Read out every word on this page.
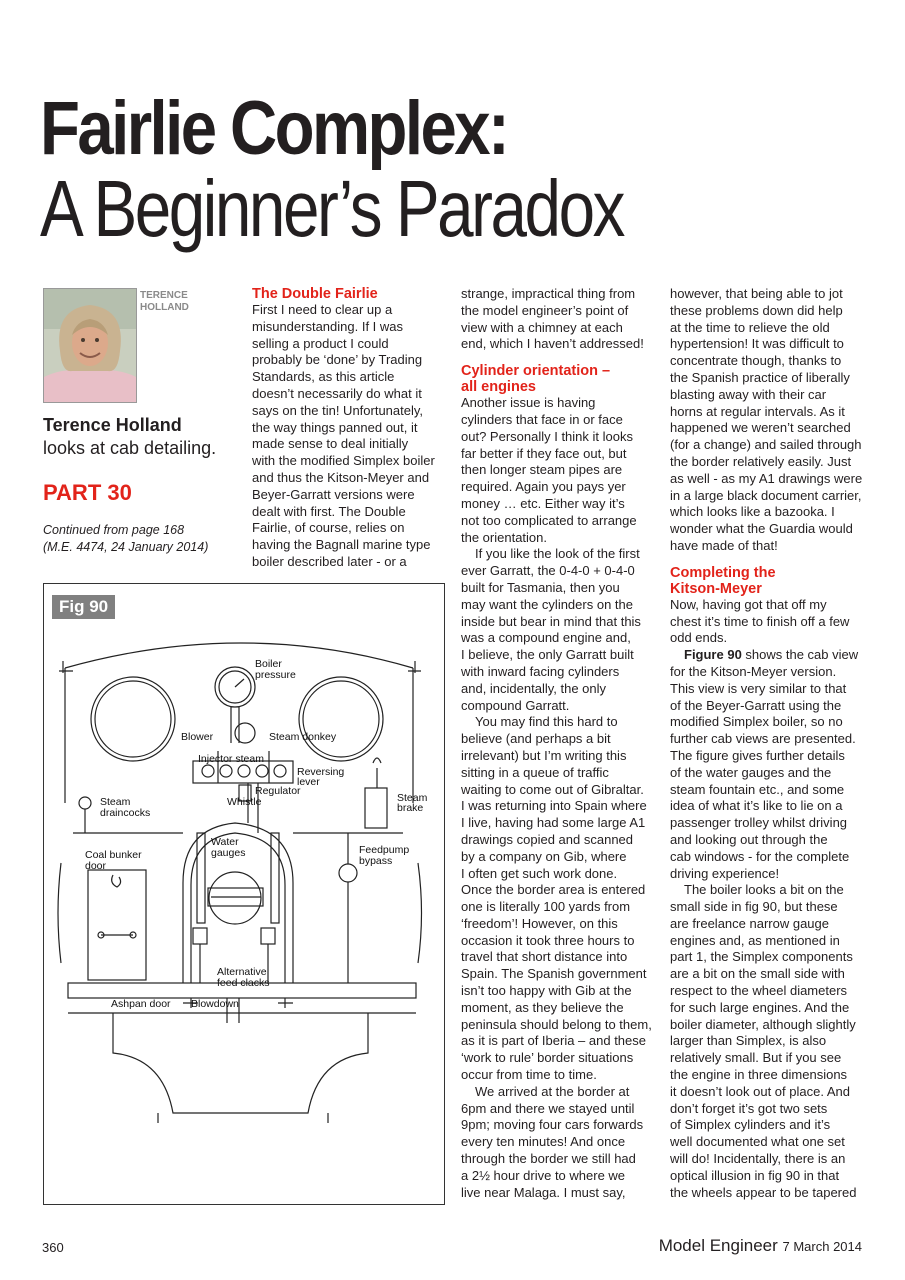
Fairlie Complex:
A Beginner’s Paradox
TERENCE
HOLLAND
Terence Holland
looks at cab detailing.
PART 30
Continued from page 168
(M.E. 4474, 24 January 2014)
The Double Fairlie

First I need to clear up a
misunderstanding. If I was
selling a product I could
probably be ‘done’ by Trading
Standards, as this article
doesn’t necessarily do what it
says on the tin! Unfortunately,
the way things panned out, it
made sense to deal initially
with the modified Simplex boiler
and thus the Kitson-Meyer and
Beyer-Garratt versions were
dealt with first. The Double
Fairlie, of course, relies on
having the Bagnall marine type
boiler described later - or a

strange, impractical thing from
the model engineer’s point of
view with a chimney at each
end, which I haven’t addressed!

Cylinder orientation –
all engines

Another issue is having
cylinders that face in or face
out? Personally I think it looks
far better if they face out, but
then longer steam pipes are
required. Again you pays yer
money … etc. Either way it’s
not too complicated to arrange
the orientation.

If you like the look of the first
ever Garratt, the 0-4-0 + 0-4-0
built for Tasmania, then you
may want the cylinders on the
inside but bear in mind that this
was a compound engine and,
I believe, the only Garratt built
with inward facing cylinders
and, incidentally, the only
compound Garratt.

You may find this hard to
believe (and perhaps a bit
irrelevant) but I’m writing this
sitting in a queue of traffic
waiting to come out of Gibraltar.
I was returning into Spain where
I live, having had some large A1
drawings copied and scanned
by a company on Gib, where
I often get such work done.
Once the border area is entered
one is literally 100 yards from
‘freedom’! However, on this
occasion it took three hours to
travel that short distance into
Spain. The Spanish government
isn’t too happy with Gib at the
moment, as they believe the
peninsula should belong to them,
as it is part of Iberia – and these
‘work to rule’ border situations
occur from time to time.

We arrived at the border at
6pm and there we stayed until
9pm; moving four cars forwards
every ten minutes! And once
through the border we still had
a 2½ hour drive to where we
live near Malaga. I must say,

however, that being able to jot
these problems down did help
at the time to relieve the old
hypertension! It was difficult to
concentrate though, thanks to
the Spanish practice of liberally
blasting away with their car
horns at regular intervals. As it
happened we weren’t searched
(for a change) and sailed through
the border relatively easily. Just
as well - as my A1 drawings were
in a large black document carrier,
which looks like a bazooka. I
wonder what the Guardia would
have made of that!

Completing the
Kitson-Meyer

Now, having got that off my
chest it’s time to finish off a few
odd ends.

Figure 90 shows the cab view
for the Kitson-Meyer version.
This view is very similar to that
of the Beyer-Garratt using the
modified Simplex boiler, so no
further cab views are presented.
The figure gives further details
of the water gauges and the
steam fountain etc., and some
idea of what it’s like to lie on a
passenger trolley whilst driving
and looking out through the
cab windows - for the complete
driving experience!

The boiler looks a bit on the
small side in fig 90, but these
are freelance narrow gauge
engines and, as mentioned in
part 1, the Simplex components
are a bit on the small side with
respect to the wheel diameters
for such large engines. And the
boiler diameter, although slightly
larger than Simplex, is also
relatively small. But if you see
the engine in three dimensions
it doesn’t look out of place. And
don’t forget it’s got two sets
of Simplex cylinders and it’s
well documented what one set
will do! Incidentally, there is an
optical illusion in fig 90 in that
the wheels appear to be tapered

Fig 90
Boiler
pressure
Blower	Steam donkey
Injector steam
Reversing
lever
Regulator
Whistle
Steam
draincocks
Steam
brake
Water
gauges
Coal bunker
door
Feedpump
bypass
Alternative
feed clacks
Ashpan door Blowdown
360	Model Engineer 7 March 2014
